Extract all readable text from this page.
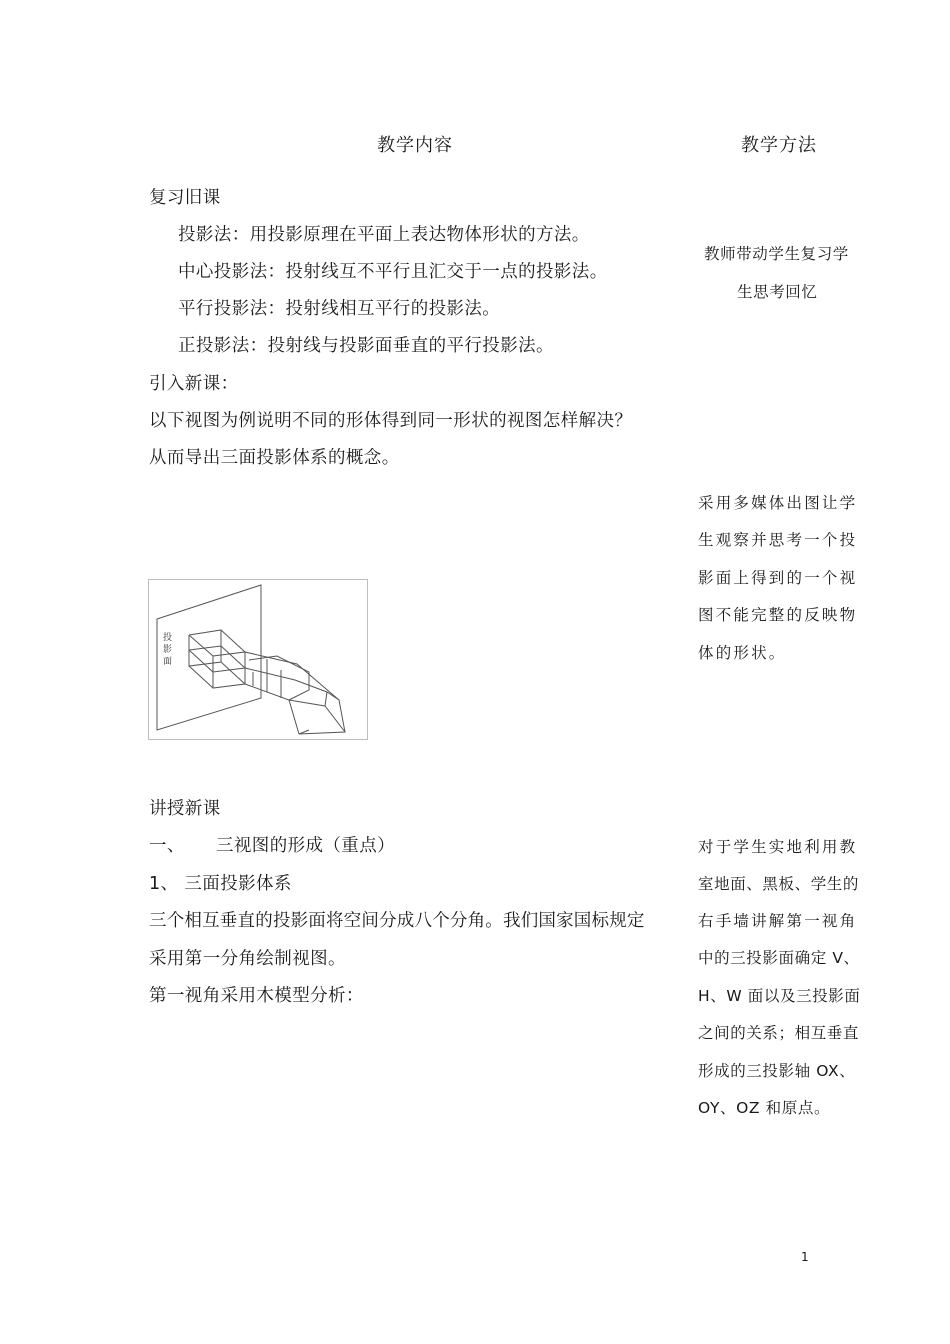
教学内容	教学方法
复习旧课
投影法：用投影原理在平面上表达物体形状的方法。
中心投影法：投射线互不平行且汇交于一点的投影法。
平行投影法：投射线相互平行的投影法。
正投影法：投射线与投影面垂直的平行投影法。
教师带动学生复习学
生思考回忆
引入新课：
以下视图为例说明不同的形体得到同一形状的视图怎样解决？
从而导出三面投影体系的概念。
采用多媒体出图让学
生观察并思考一个投
影面上得到的一个视
图不能完整的反映物
体的形状。
投
影
面
讲授新课
一、 三视图的形成（重点）
1、 三面投影体系
三个相互垂直的投影面将空间分成八个分角。我们国家国标规定
采用第一分角绘制视图。
第一视角采用木模型分析：
对于学生实地利用教
室地面、黑板、学生的
右手墙讲解第一视角
中的三投影面确定 V、
H、W 面以及三投影面
之间的关系；相互垂直
形成的三投影轴 OX、
OY、OZ 和原点。
1
